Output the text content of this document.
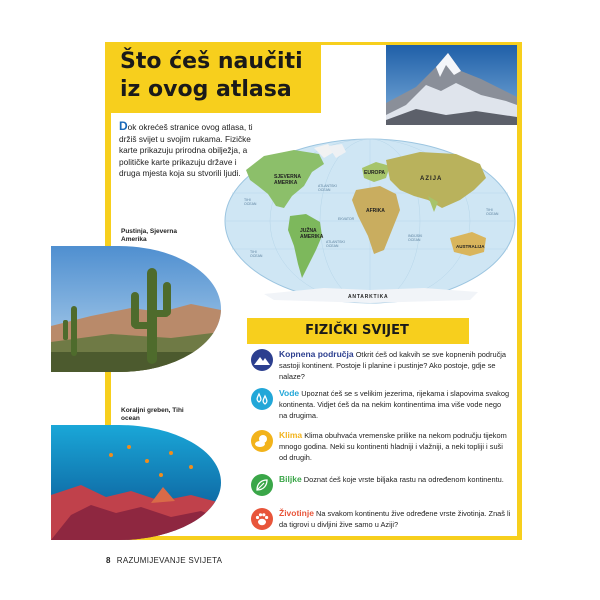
Što ćeš naučiti iz ovog atlasa

Dok okrećeš stranice ovog atlasa, ti držiš svijet u svojim rukama. Fizičke karte prikazuju prirodna obilježja, a političke karte prikazuju države i druga mjesta koja su stvorili ljudi.	SJEVERNA AMERIKA
JUŽNA AMERIKA
EUROPA
AZIJA
AFRIKA
AUSTRALIJA
ANTARKTIKA
ATLANTSKI OCEAN
ATLANTSKI OCEAN
TIHI OCEAN
TIHI OCEAN
TIHI OCEAN
INDIJSKI OCEAN
EKVATOR
Pustinja, Sjeverna Amerika
Koraljni greben, Tihi ocean
FIZIČKI SVIJET
Kopnena područja Otkrit ćeš od kakvih se sve kopnenih područja sastoji kontinent. Postoje li planine i pustinje? Ako postoje, gdje se nalaze?
Vode Upoznat ćeš se s velikim jezerima, rijekama i slapovima svakog kontinenta. Vidjet ćeš da na nekim kontinentima ima više vode nego na drugima.
Klima Klima obuhvaća vremenske prilike na nekom području tijekom mnogo godina. Neki su kontinenti hladniji i vlažniji, a neki topliji i suši od drugih.
Biljke Doznat ćeš koje vrste biljaka rastu na određenom kontinentu.
Životinje Na svakom kontinentu žive određene vrste životinja. Znaš li da tigrovi u divljini žive samo u Aziji?
8 RAZUMIJEVANJE SVIJETA
